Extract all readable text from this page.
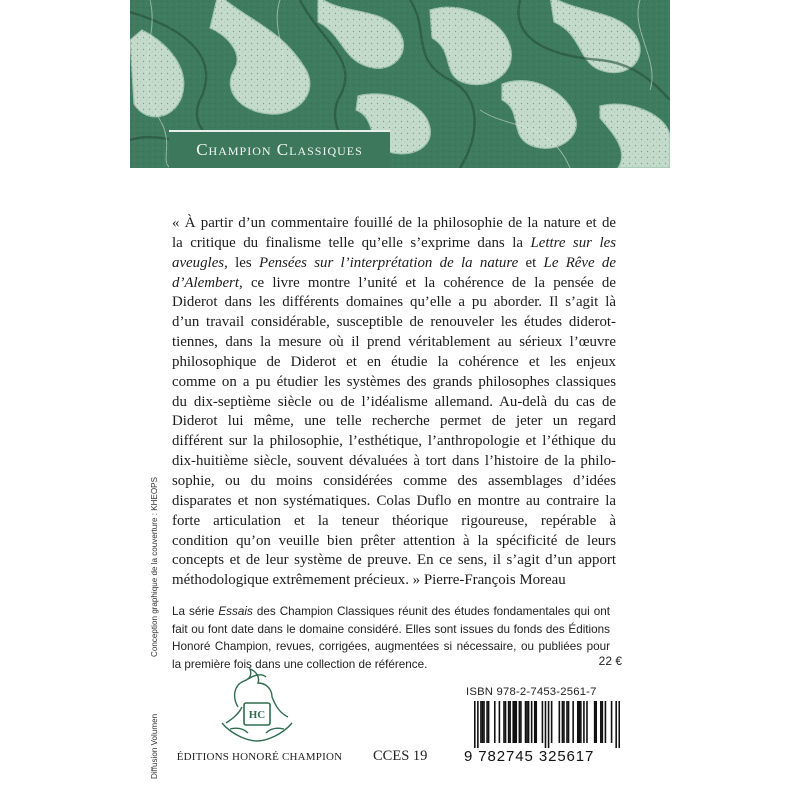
Champion Classiques
« À partir d’un commentaire fouillé de la philosophie de la nature et de
la critique du finalisme telle qu’elle s’exprime dans la Lettre sur les
aveugles, les Pensées sur l’interprétation de la nature et Le Rêve de
d’Alembert, ce livre montre l’unité et la cohérence de la pensée de
Diderot dans les différents domaines qu’elle a pu aborder. Il s’agit là
d’un travail considérable, susceptible de renouveler les études diderot-
tiennes, dans la mesure où il prend véritablement au sérieux l’œuvre
philosophique de Diderot et en étudie la cohérence et les enjeux
comme on a pu étudier les systèmes des grands philosophes classiques
du dix-septième siècle ou de l’idéalisme allemand. Au-delà du cas de
Diderot lui même, une telle recherche permet de jeter un regard
différent sur la philosophie, l’esthétique, l’anthropologie et l’éthique du
dix-huitième siècle, souvent dévaluées à tort dans l’histoire de la philo-
sophie, ou du moins considérées comme des assemblages d’idées
disparates et non systématiques. Colas Duflo en montre au contraire la
forte articulation et la teneur théorique rigoureuse, repérable à
condition qu’on veuille bien prêter attention à la spécificité de leurs
concepts et de leur système de preuve. En ce sens, il s’agit d’un apport
méthodologique extrêmement précieux. » Pierre-François Moreau

La série Essais des Champion Classiques réunit des études fondamentales qui ont fait ou font date dans le domaine considéré. Elles sont issues du fonds des Éditions Honoré Champion, revues, corrigées, augmentées si nécessaire, ou publiées pour la première fois dans une collection de référence.

Diffusion VolumenConception graphique de la couverture : KHEOPS
HC
ÉDITIONS HONORÉ CHAMPION	CCES 19
22 €
ISBN 978-2-7453-2561-7
9 782745 325617
